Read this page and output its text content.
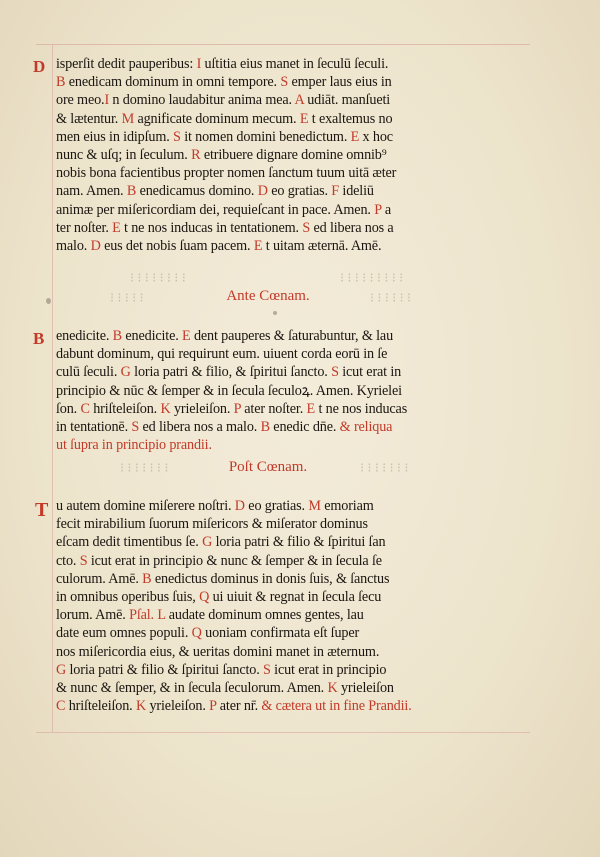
D isperſit dedit pauperibus: I uſtitia eius manet in ſeculū ſeculi.
B enedicam dominum in omni tempore. S emper laus eius in
ore meo.I n domino laudabitur anima mea. A udiāt. manſueti
& lætentur. M agnificate dominum mecum. E t exaltemus no
men eius in idipſum. S it nomen domini benedictum. E x hoc
nunc & uſq; in ſeculum. R etribuere dignare domine omnib⁹
nobis bona facientibus propter nomen ſanctum tuum uitā æter
nam. Amen. B enedicamus domino. D eo gratias. F ideliū
animæ per miſericordiam dei, requieſcant in pace. Amen. P a
ter noſter. E t ne nos inducas in tentationem. S ed libera nos a
malo. D eus det nobis ſuam pacem. E t uitam æternā. Amē.
⁝ ⁝ ⁝ ⁝ ⁝ ⁝ ⁝ ⁝	⁝ ⁝ ⁝ ⁝ ⁝ ⁝ ⁝ ⁝ ⁝
⁝ ⁝ ⁝ ⁝ ⁝ ⁝
⁝ ⁝ ⁝ ⁝ ⁝
⁝ ⁝ ⁝ ⁝ ⁝ ⁝ ⁝
⁝ ⁝ ⁝ ⁝ ⁝ ⁝ ⁝
Ante Cœnam.
B enedicite. B enedicite. E dent pauperes & ſaturabuntur, & lau
dabunt dominum, qui requirunt eum. uiuent corda eorū in ſe
culū ſeculi. G loria patri & filio, & ſpiritui ſancto. S icut erat in
principio & nūc & ſemper & in ſecula ſeculoꝝ. Amen. Kyrielei
ſon. C hriſteleiſon. K yrieleiſon. P ater noſter. E t ne nos inducas
in tentationē. S ed libera nos a malo. B enedic dn̄e. & reliqua
ut ſupra in principio prandii.
Poſt Cœnam.
T u autem domine miſerere noſtri. D eo gratias. M emoriam
fecit mirabilium ſuorum miſericors & miſerator dominus
eſcam dedit timentibus ſe. G loria patri & filio & ſpiritui ſan
cto. S icut erat in principio & nunc & ſemper & in ſecula ſe
culorum. Amē. B enedictus dominus in donis ſuis, & ſanctus
in omnibus operibus ſuis, Q ui uiuit & regnat in ſecula ſecu
lorum. Amē. Pſal. L audate dominum omnes gentes, lau
date eum omnes populi. Q uoniam confirmata eſt ſuper
nos miſericordia eius, & ueritas domini manet in æternum.
G loria patri & filio & ſpiritui ſancto. S icut erat in principio
& nunc & ſemper, & in ſecula ſeculorum. Amen. K yrieleiſon
C hriſteleiſon. K yrieleiſon. P ater nr̄. & cætera ut in fine Prandii.
